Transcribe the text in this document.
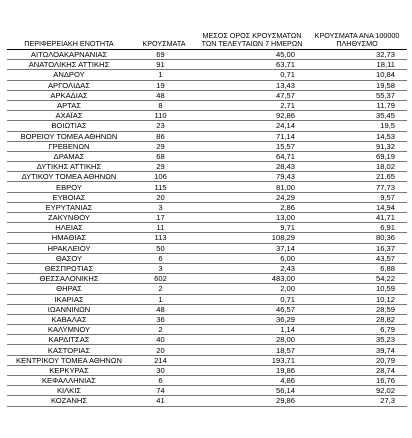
ΠΕΡΙΦΕΡΕΙΑΚΗ ΕΝΟΤΗΤΑ	ΚΡΟΥΣΜΑΤΑ	ΜΕΣΟΣ ΟΡΟΣ ΚΡΟΥΣΜΑΤΩΝ ΤΩΝ ΤΕΛΕΥΤΑΙΩΝ 7 ΗΜΕΡΩΝ	ΚΡΟΥΣΜΑΤΑ ΑΝΑ 100000 ΠΛΗΘΥΣΜΟ
ΑΙΤΩΛΟΑΚΑΡΝΑΝΙΑΣ	69	45,00	32,73
ΑΝΑΤΟΛΙΚΗΣ ΑΤΤΙΚΗΣ	91	63,71	18,11
ΑΝΔΡΟΥ	1	0,71	10,84
ΑΡΓΟΛΙΔΑΣ	19	13,43	19,58
ΑΡΚΑΔΙΑΣ	48	47,57	55,37
ΑΡΤΑΣ	8	2,71	11,79
ΑΧΑΪΑΣ	110	92,86	35,45
ΒΟΙΩΤΙΑΣ	23	24,14	19,5
ΒΟΡΕΙΟΥ ΤΟΜΕΑ ΑΘΗΝΩΝ	86	71,14	14,53
ΓΡΕΒΕΝΩΝ	29	15,57	91,32
ΔΡΑΜΑΣ	68	64,71	69,19
ΔΥΤΙΚΗΣ ΑΤΤΙΚΗΣ	29	28,43	18,02
ΔΥΤΙΚΟΥ ΤΟΜΕΑ ΑΘΗΝΩΝ	106	79,43	21,65
ΕΒΡΟΥ	115	81,00	77,73
ΕΥΒΟΙΑΣ	20	24,29	9,57
ΕΥΡΥΤΑΝΙΑΣ	3	2,86	14,94
ΖΑΚΥΝΘΟΥ	17	13,00	41,71
ΗΛΕΙΑΣ	11	9,71	6,91
ΗΜΑΘΙΑΣ	113	108,29	80,36
ΗΡΑΚΛΕΙΟΥ	50	37,14	16,37
ΘΑΣΟΥ	6	6,00	43,57
ΘΕΣΠΡΩΤΙΑΣ	3	2,43	6,88
ΘΕΣΣΑΛΟΝΙΚΗΣ	602	483,00	54,22
ΘΗΡΑΣ	2	2,00	10,59
ΙΚΑΡΙΑΣ	1	0,71	10,12
ΙΩΑΝΝΙΝΩΝ	48	46,57	28,59
ΚΑΒΑΛΑΣ	36	36,29	28,82
ΚΑΛΥΜΝΟΥ	2	1,14	6,79
ΚΑΡΔΙΤΣΑΣ	40	28,00	35,23
ΚΑΣΤΟΡΙΑΣ	20	18,57	39,74
ΚΕΝΤΡΙΚΟΥ ΤΟΜΕΑ ΑΘΗΝΩΝ	214	193,71	20,79
ΚΕΡΚΥΡΑΣ	30	19,86	28,74
ΚΕΦΑΛΛΗΝΙΑΣ	6	4,86	16,76
ΚΙΛΚΙΣ	74	56,14	92,02
ΚΟΖΑΝΗΣ	41	29,86	27,3
